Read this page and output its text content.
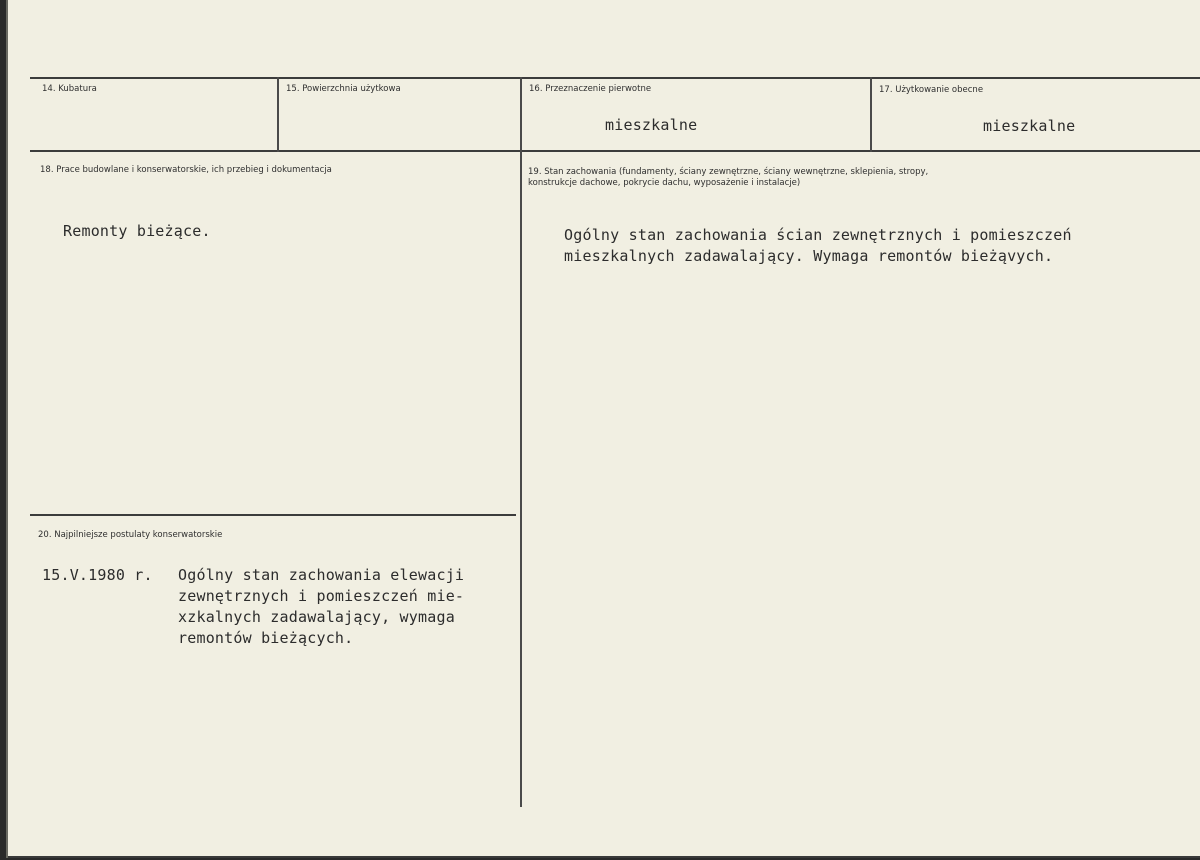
14. Kubatura	15. Powierzchnia użytkowa	16. Przeznaczenie pierwotne
mieszkalne
17. Użytkowanie obecne
mieszkalne
18. Prace budowlane i konserwatorskie, ich przebieg i dokumentacja
Remonty bieżące.
19. Stan zachowania (fundamenty, ściany zewnętrzne, ściany wewnętrzne, sklepienia, stropy,
konstrukcje dachowe, pokrycie dachu, wyposażenie i instalacje)
Ogólny stan zachowania ścian zewnętrznych i pomieszczeń
mieszkalnych zadawalający. Wymaga remontów bieżąvych.
20. Najpilniejsze postulaty konserwatorskie
15.V.1980 r. Ogólny stan zachowania elewacji
zewnętrznych i pomieszczeń mie-
xzkalnych zadawalający, wymaga
remontów bieżących.
